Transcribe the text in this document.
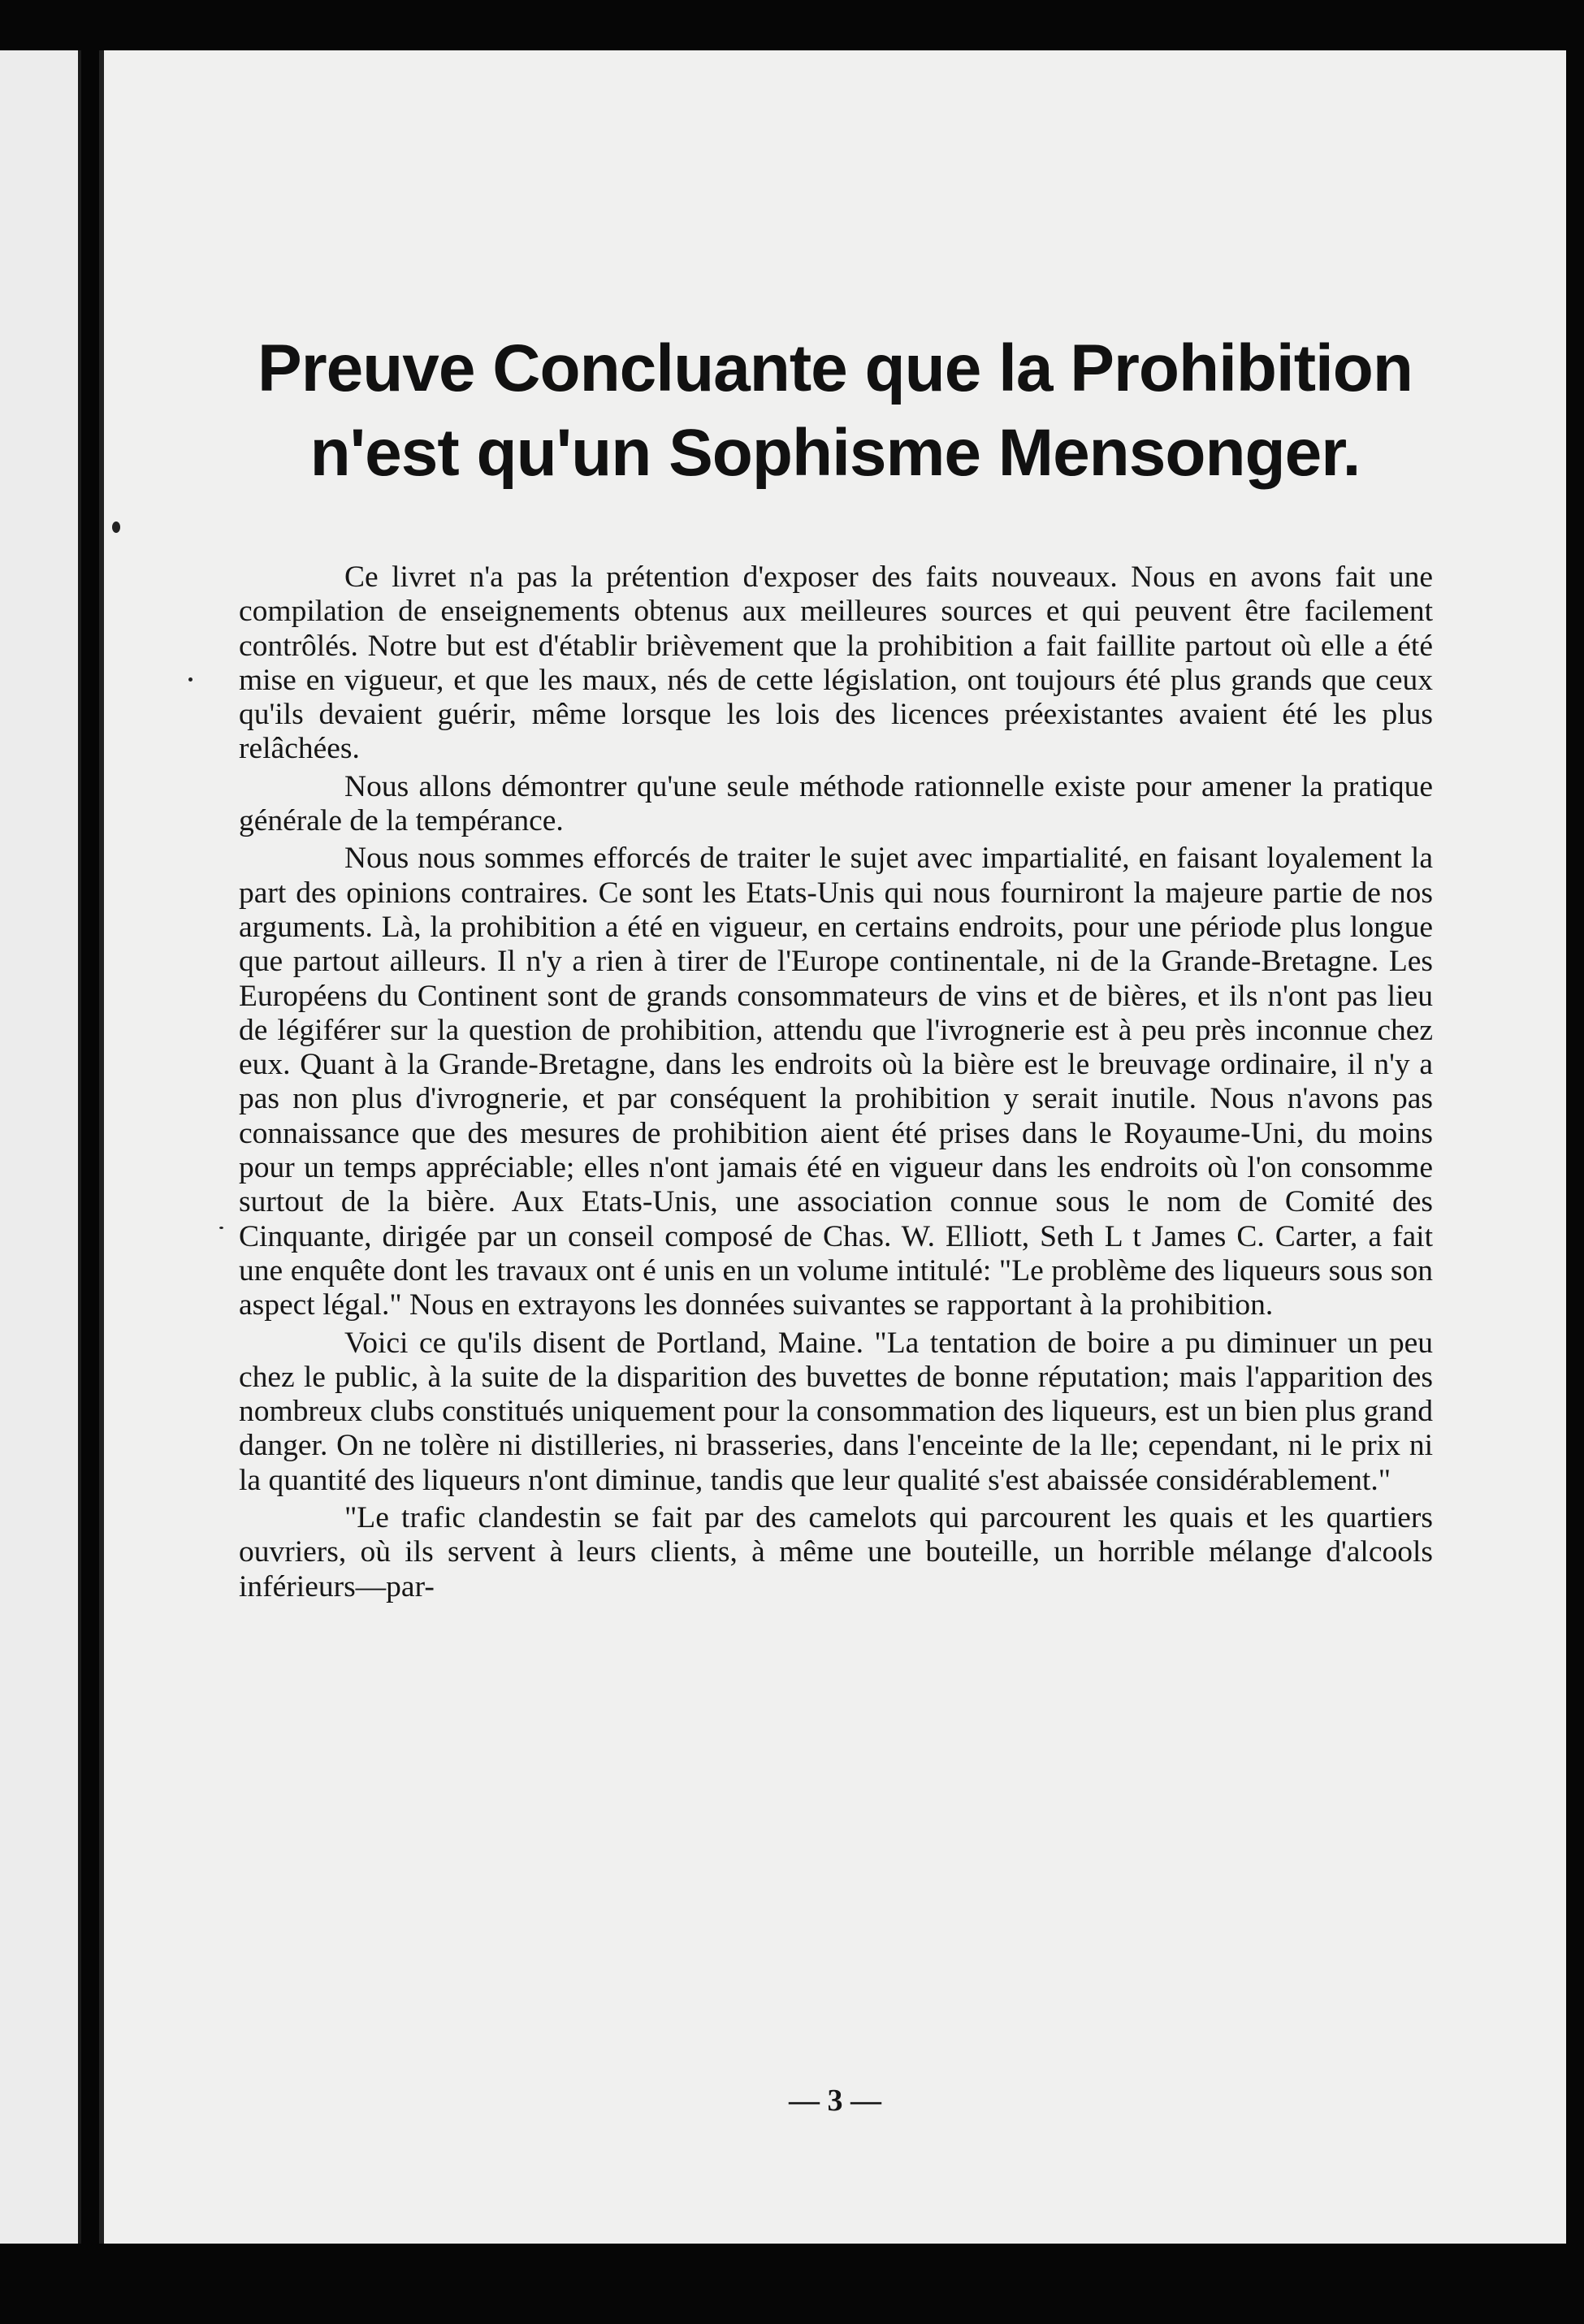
Preuve Concluante que la Prohibition
n'est qu'un Sophisme Mensonger.

Ce livret n'a pas la prétention d'exposer des faits nouveaux. Nous en avons fait une compilation de enseignements obtenus aux meilleures sources et qui peuvent être facilement contrôlés. Notre but est d'établir brièvement que la prohibition a fait faillite partout où elle a été mise en vigueur, et que les maux, nés de cette législation, ont toujours été plus grands que ceux qu'ils devaient guérir, même lorsque les lois des licences préexistantes avaient été les plus relâchées.

Nous allons démontrer qu'une seule méthode rationnelle existe pour amener la pratique générale de la tempérance.

Nous nous sommes efforcés de traiter le sujet avec impartialité, en faisant loyalement la part des opinions contraires. Ce sont les Etats-Unis qui nous fourniront la majeure partie de nos arguments. Là, la prohibition a été en vigueur, en certains endroits, pour une période plus longue que partout ailleurs. Il n'y a rien à tirer de l'Europe continentale, ni de la Grande-Bretagne. Les Européens du Continent sont de grands consommateurs de vins et de bières, et ils n'ont pas lieu de légiférer sur la question de prohibition, attendu que l'ivrognerie est à peu près inconnue chez eux. Quant à la Grande-Bretagne, dans les endroits où la bière est le breuvage ordinaire, il n'y a pas non plus d'ivrognerie, et par conséquent la prohibition y serait inutile. Nous n'avons pas connaissance que des mesures de prohibition aient été prises dans le Royaume-Uni, du moins pour un temps appréciable; elles n'ont jamais été en vigueur dans les endroits où l'on consomme surtout de la bière. Aux Etats-Unis, une association connue sous le nom de Comité des Cinquante, dirigée par un conseil composé de Chas. W. Elliott, Seth L t James C. Carter, a fait une enquête dont les travaux ont é unis en un volume intitulé: "Le problème des liqueurs sous son aspect légal." Nous en extrayons les données suivantes se rapportant à la prohibition.

Voici ce qu'ils disent de Portland, Maine. "La tentation de boire a pu diminuer un peu chez le public, à la suite de la disparition des buvettes de bonne réputation; mais l'apparition des nombreux clubs constitués uniquement pour la consommation des liqueurs, est un bien plus grand danger. On ne tolère ni distilleries, ni brasseries, dans l'enceinte de la lle; cependant, ni le prix ni la quantité des liqueurs n'ont diminue, tandis que leur qualité s'est abaissée considérablement."

"Le trafic clandestin se fait par des camelots qui parcourent les quais et les quartiers ouvriers, où ils servent à leurs clients, à même une bouteille, un horrible mélange d'alcools inférieurs—par-

— 3 —
